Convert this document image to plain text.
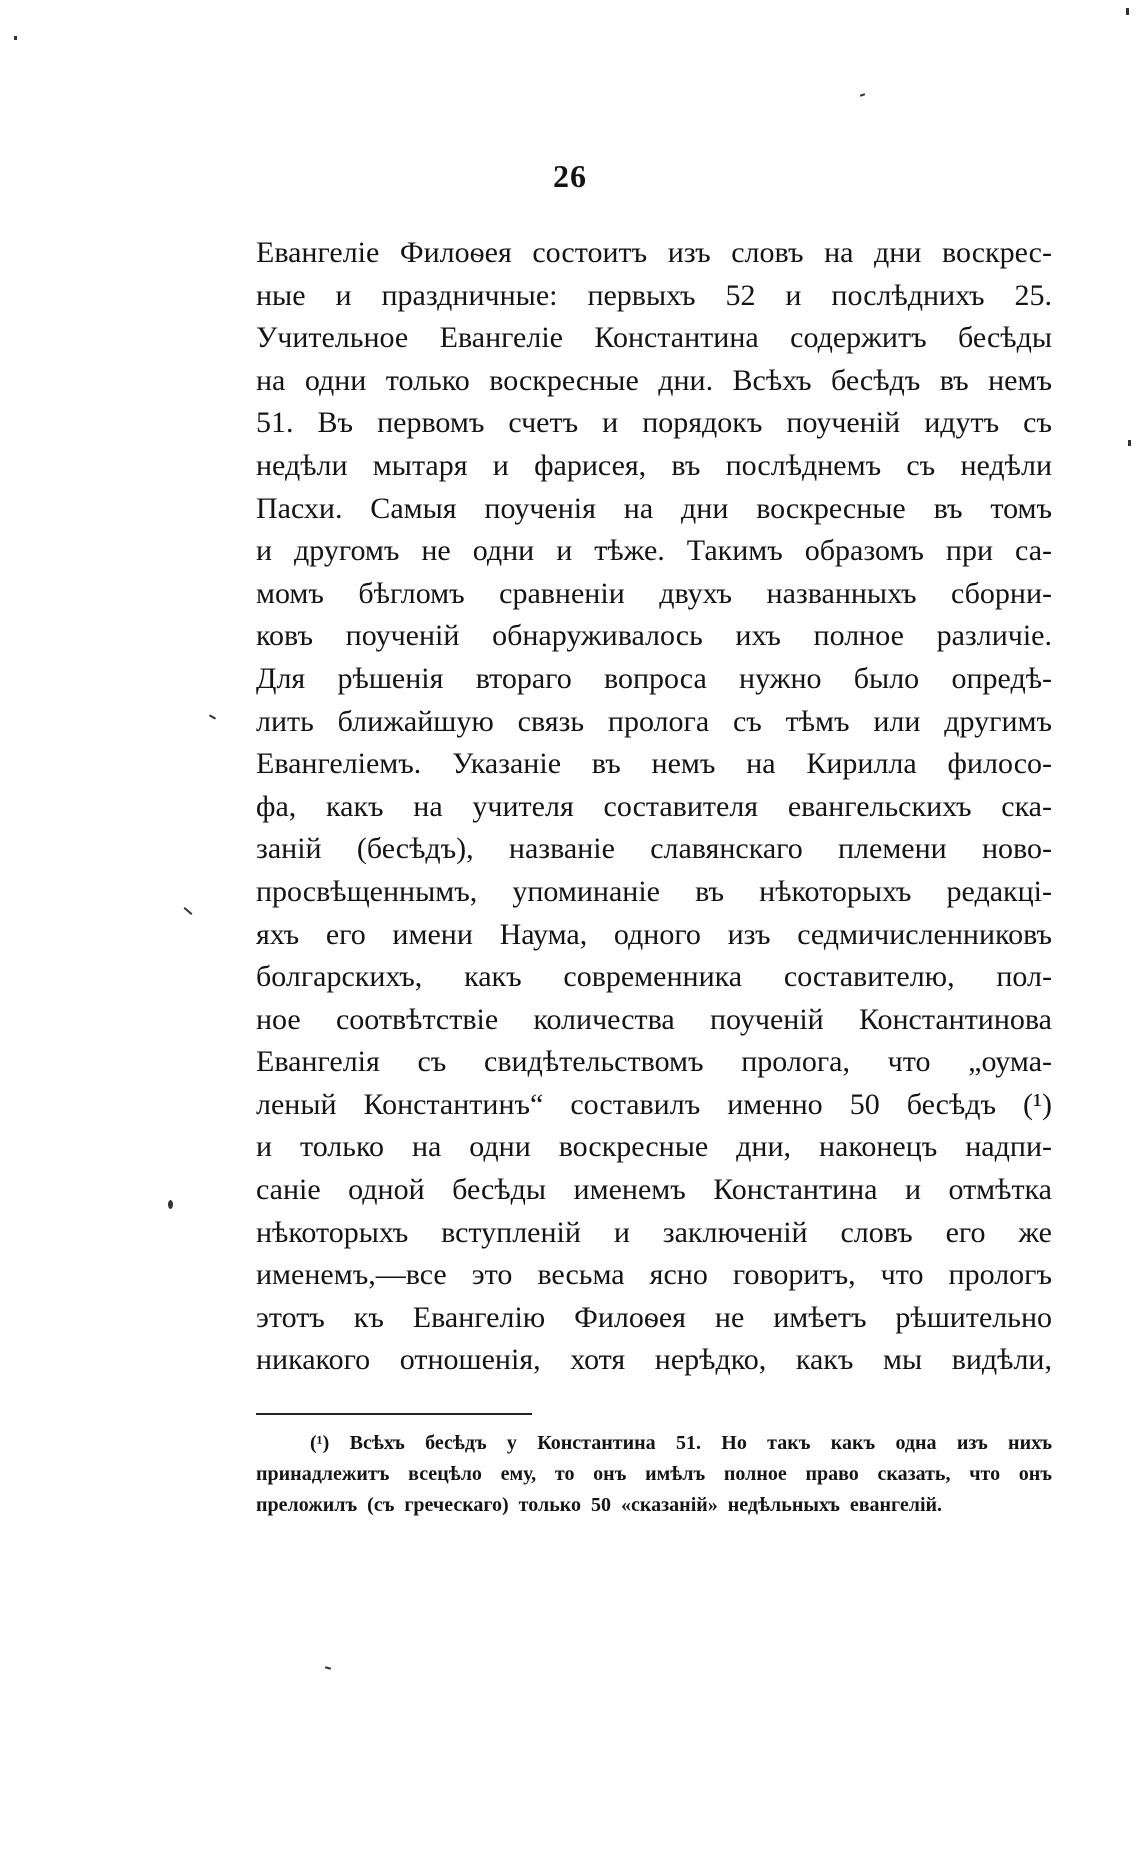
26
Евангеліе Филоѳея состоитъ изъ словъ на дни воскрес-
ные и праздничные: первыхъ 52 и послѣднихъ 25.
Учительное Евангеліе Константина содержитъ бесѣды
на одни только воскресные дни. Всѣхъ бесѣдъ въ немъ
51. Въ первомъ счетъ и порядокъ поученій идутъ съ
недѣли мытаря и фарисея, въ послѣднемъ съ недѣли
Пасхи. Самыя поученія на дни воскресные въ томъ
и другомъ не одни и тѣже. Такимъ образомъ при са-
момъ бѣгломъ сравненіи двухъ названныхъ сборни-
ковъ поученій обнаруживалось ихъ полное различіе.
Для рѣшенія втораго вопроса нужно было опредѣ-
лить ближайшую связь пролога съ тѣмъ или другимъ
Евангеліемъ. Указаніе въ немъ на Кирилла филосо-
фа, какъ на учителя составителя евангельскихъ ска-
заній (бесѣдъ), названіе славянскаго племени ново-
просвѣщеннымъ, упоминаніе въ нѣкоторыхъ редакці-
яхъ его имени Наума, одного изъ седмичисленниковъ
болгарскихъ, какъ современника составителю, пол-
ное соотвѣтствіе количества поученій Константинова
Евангелія съ свидѣтельствомъ пролога, что „оума-
леный Константинъ“ составилъ именно 50 бесѣдъ (¹)
и только на одни воскресные дни, наконецъ надпи-
саніе одной бесѣды именемъ Константина и отмѣтка
нѣкоторыхъ вступленій и заключеній словъ его же
именемъ,—все это весьма ясно говоритъ, что прологъ
этотъ къ Евангелію Филоѳея не имѣетъ рѣшительно
никакого отношенія, хотя нерѣдко, какъ мы видѣли,
(¹) Всѣхъ бесѣдъ у Константина 51. Но такъ какъ одна изъ нихъ
принадлежитъ всецѣло ему, то онъ имѣлъ полное право сказать, что онъ
преложилъ (съ греческаго) только 50 «сказаній» недѣльныхъ евангелій.
